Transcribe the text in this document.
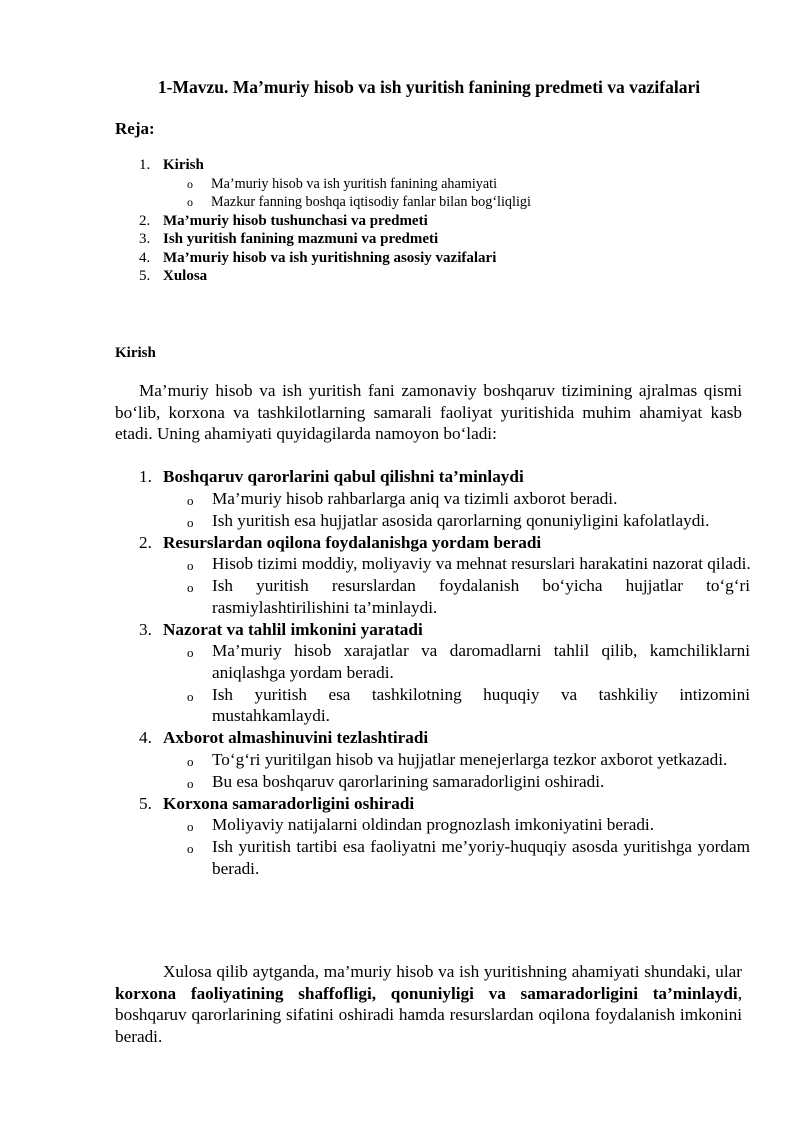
1-Mavzu. Ma’muriy hisob va ish yuritish fanining predmeti va vazifalari

Reja:

1. Kirish
o Ma’muriy hisob va ish yuritish fanining ahamiyati
o Mazkur fanning boshqa iqtisodiy fanlar bilan bog‘liqligi
2. Ma’muriy hisob tushunchasi va predmeti
3. Ish yuritish fanining mazmuni va predmeti
4. Ma’muriy hisob va ish yuritishning asosiy vazifalari
5. Xulosa

Kirish

Ma’muriy hisob va ish yuritish fani zamonaviy boshqaruv tizimining ajralmas qismi bo‘lib, korxona va tashkilotlarning samarali faoliyat yuritishida muhim ahamiyat kasb etadi. Uning ahamiyati quyidagilarda namoyon bo‘ladi:

1. Boshqaruv qarorlarini qabul qilishni ta’minlaydi
o Ma’muriy hisob rahbarlarga aniq va tizimli axborot beradi.
o Ish yuritish esa hujjatlar asosida qarorlarning qonuniyligini kafolatlaydi.
2. Resurslardan oqilona foydalanishga yordam beradi
o Hisob tizimi moddiy, moliyaviy va mehnat resurslari harakatini nazorat qiladi.
o Ish yuritish resurslardan foydalanish bo‘yicha hujjatlar to‘g‘ri rasmiylashtirilishini ta’minlaydi.
3. Nazorat va tahlil imkonini yaratadi
o Ma’muriy hisob xarajatlar va daromadlarni tahlil qilib, kamchiliklarni aniqlashga yordam beradi.
o Ish yuritish esa tashkilotning huquqiy va tashkiliy intizomini mustahkamlaydi.
4. Axborot almashinuvini tezlashtiradi
o To‘g‘ri yuritilgan hisob va hujjatlar menejerlarga tezkor axborot yetkazadi.
o Bu esa boshqaruv qarorlarining samaradorligini oshiradi.
5. Korxona samaradorligini oshiradi
o Moliyaviy natijalarni oldindan prognozlash imkoniyatini beradi.
o Ish yuritish tartibi esa faoliyatni me’yoriy-huquqiy asosda yuritishga yordam beradi.

Xulosa qilib aytganda, ma’muriy hisob va ish yuritishning ahamiyati shundaki, ular korxona faoliyatining shaffofligi, qonuniyligi va samaradorligini ta’minlaydi, boshqaruv qarorlarining sifatini oshiradi hamda resurslardan oqilona foydalanish imkonini beradi.
